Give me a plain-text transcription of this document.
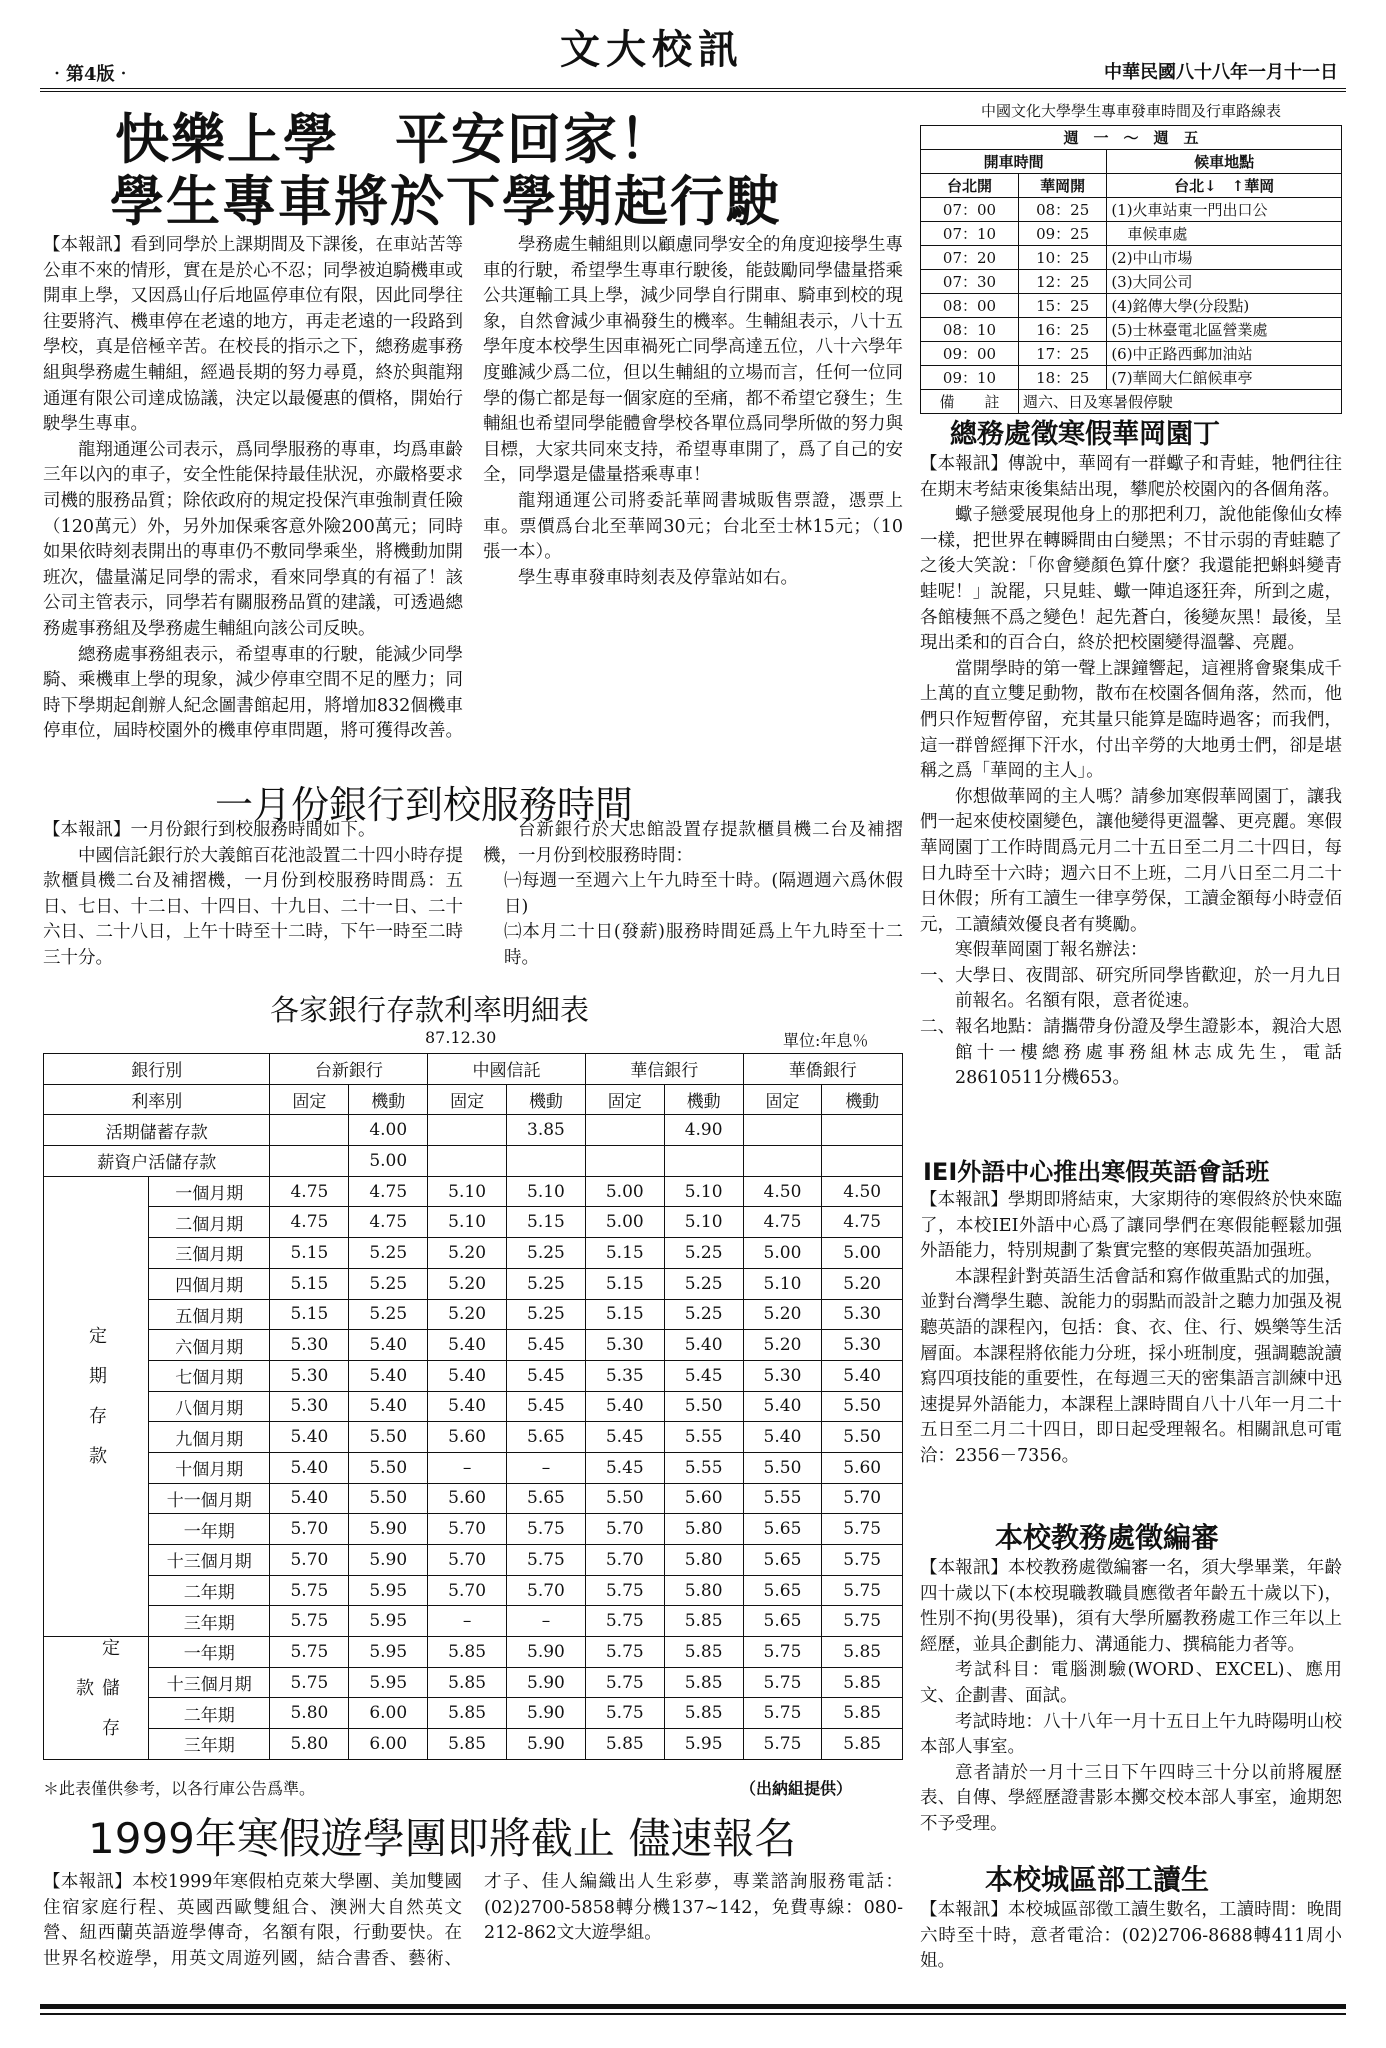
‧第4版‧
文大校訊	中華民國八十八年一月十一日
快樂上學　平安回家！
學生專車將於下學期起行駛

【本報訊】看到同學於上課期間及下課後，在車站苦等公車不來的情形，實在是於心不忍；同學被迫騎機車或開車上學，又因爲山仔后地區停車位有限，因此同學往往要將汽、機車停在老遠的地方，再走老遠的一段路到學校，真是倍極辛苦。在校長的指示之下，總務處事務組與學務處生輔組，經過長期的努力尋覓，終於與龍翔通運有限公司達成協議，決定以最優惠的價格，開始行駛學生專車。

龍翔通運公司表示，爲同學服務的專車，均爲車齡三年以內的車子，安全性能保持最佳狀況，亦嚴格要求司機的服務品質；除依政府的規定投保汽車強制責任險（120萬元）外，另外加保乘客意外險200萬元；同時如果依時刻表開出的專車仍不敷同學乘坐，將機動加開班次，儘量滿足同學的需求，看來同學真的有福了！該公司主管表示，同學若有關服務品質的建議，可透過總務處事務組及學務處生輔組向該公司反映。

總務處事務組表示，希望專車的行駛，能減少同學騎、乘機車上學的現象，減少停車空間不足的壓力；同時下學期起創辦人紀念圖書館起用，將增加832個機車停車位，屆時校園外的機車停車問題，將可獲得改善。

學務處生輔組則以顧慮同學安全的角度迎接學生專車的行駛，希望學生專車行駛後，能鼓勵同學儘量搭乘公共運輸工具上學，減少同學自行開車、騎車到校的現象，自然會減少車禍發生的機率。生輔組表示，八十五學年度本校學生因車禍死亡同學高達五位，八十六學年度雖減少爲二位，但以生輔組的立場而言，任何一位同學的傷亡都是每一個家庭的至痛，都不希望它發生；生輔組也希望同學能體會學校各單位爲同學所做的努力與目標，大家共同來支持，希望專車開了，爲了自己的安全，同學還是儘量搭乘專車！

龍翔通運公司將委託華岡書城販售票證，憑票上車。票價爲台北至華岡30元；台北至士林15元；（10張一本）。

學生專車發車時刻表及停靠站如右。

中國文化大學學生專車發車時間及行車路線表
週　一　～　週　五		
開車時間		候車地點
台北開	華岡開	台北↓　↑華岡
07：00	08：25	(1)火車站東一門出口公
07：10	09：25	車候車處
07：20	10：25	(2)中山市場
07：30	12：25	(3)大同公司
08：00	15：25	(4)銘傳大學(分段點)
08：10	16：25	(5)士林臺電北區營業處
09：00	17：25	(6)中正路西郵加油站
09：10	18：25	(7)華岡大仁館候車亭
備　　註	週六、日及寒暑假停駛	
總務處徵寒假華岡園丁

【本報訊】傳說中，華岡有一群蠍子和青蛙，牠們往往在期末考結束後集結出現，攀爬於校園內的各個角落。

蠍子戀愛展現他身上的那把利刀，說他能像仙女棒一樣，把世界在轉瞬間由白變黑；不甘示弱的青蛙聽了之後大笑說：「你會變顏色算什麼？我還能把蝌蚪變青蛙呢！」說罷，只見蛙、蠍一陣追逐狂奔，所到之處，各館棲無不爲之變色！起先蒼白，後變灰黑！最後，呈現出柔和的百合白，終於把校園變得溫馨、亮麗。

當開學時的第一聲上課鐘響起，這裡將會聚集成千上萬的直立雙足動物，散布在校園各個角落，然而，他們只作短暫停留，充其量只能算是臨時過客；而我們，這一群曾經揮下汗水，付出辛勞的大地勇士們，卻是堪稱之爲「華岡的主人」。

你想做華岡的主人嗎？請參加寒假華岡園丁，讓我們一起來使校園變色，讓他變得更溫馨、更亮麗。寒假華岡園丁工作時間爲元月二十五日至二月二十四日，每日九時至十六時；週六日不上班，二月八日至二月二十日休假；所有工讀生一律享勞保，工讀金額每小時壹佰元，工讀績效優良者有獎勵。

寒假華岡園丁報名辦法：

一、大學日、夜間部、研究所同學皆歡迎，於一月九日前報名。名額有限，意者從速。

二、報名地點：請攜帶身份證及學生證影本，親洽大恩館十一樓總務處事務組林志成先生，電話28610511分機653。

一月份銀行到校服務時間

【本報訊】一月份銀行到校服務時間如下。

中國信託銀行於大義館百花池設置二十四小時存提款櫃員機二台及補摺機，一月份到校服務時間爲：五日、七日、十二日、十四日、十九日、二十一日、二十六日、二十八日，上午十時至十二時，下午一時至二時三十分。

台新銀行於大忠館設置存提款櫃員機二台及補摺機，一月份到校服務時間：

㈠每週一至週六上午九時至十時。(隔週週六爲休假日)

㈡本月二十日(發薪)服務時間延爲上午九時至十二時。

各家銀行存款利率明細表
87.12.30	單位:年息％
銀行別		台新銀行		中國信託		華信銀行		華僑銀行	
利率別		固定	機動	固定	機動	固定	機動	固定	機動
活期儲蓄存款			4.00		3.85		4.90		
薪資户活儲存款			5.00						
定期存款	一個月期	4.75	4.75	5.10	5.10	5.00	5.10	4.50	4.50
	二個月期	4.75	4.75	5.10	5.15	5.00	5.10	4.75	4.75
	三個月期	5.15	5.25	5.20	5.25	5.15	5.25	5.00	5.00
	四個月期	5.15	5.25	5.20	5.25	5.15	5.25	5.10	5.20
	五個月期	5.15	5.25	5.20	5.25	5.15	5.25	5.20	5.30
	六個月期	5.30	5.40	5.40	5.45	5.30	5.40	5.20	5.30
	七個月期	5.30	5.40	5.40	5.45	5.35	5.45	5.30	5.40
	八個月期	5.30	5.40	5.40	5.45	5.40	5.50	5.40	5.50
	九個月期	5.40	5.50	5.60	5.65	5.45	5.55	5.40	5.50
	十個月期	5.40	5.50	–	–	5.45	5.55	5.50	5.60
	十一個月期	5.40	5.50	5.60	5.65	5.50	5.60	5.55	5.70
	一年期	5.70	5.90	5.70	5.75	5.70	5.80	5.65	5.75
	十三個月期	5.70	5.90	5.70	5.75	5.70	5.80	5.65	5.75
	二年期	5.75	5.95	5.70	5.70	5.75	5.80	5.65	5.75
	三年期	5.75	5.95	–	–	5.75	5.85	5.65	5.75
定儲存款	一年期	5.75	5.95	5.85	5.90	5.75	5.85	5.75	5.85
	十三個月期	5.75	5.95	5.85	5.90	5.75	5.85	5.75	5.85
	二年期	5.80	6.00	5.85	5.90	5.75	5.85	5.75	5.85
	三年期	5.80	6.00	5.85	5.90	5.85	5.95	5.75	5.85
＊此表僅供參考，以各行庫公告爲準。	（出納組提供）
1999年寒假遊學團即將截止 儘速報名

【本報訊】本校1999年寒假柏克萊大學團、美加雙國住宿家庭行程、英國西歐雙組合、澳洲大自然英文營、紐西蘭英語遊學傳奇，名額有限，行動要快。在世界名校遊學，用英文周遊列國，結合書香、藝術、才子、佳人編織出人生彩夢，專業諮詢服務電話：(02)2700-5858轉分機137~142，免費專線：080-212-862文大遊學組。

IEI外語中心推出寒假英語會話班

【本報訊】學期即將結束，大家期待的寒假終於快來臨了，本校IEI外語中心爲了讓同學們在寒假能輕鬆加强外語能力，特別規劃了紮實完整的寒假英語加强班。

本課程針對英語生活會話和寫作做重點式的加强，並對台灣學生聽、說能力的弱點而設計之聽力加强及視聽英語的課程內，包括：食、衣、住、行、娛樂等生活層面。本課程將依能力分班，採小班制度，强調聽說讀寫四項技能的重要性，在每週三天的密集語言訓練中迅速提昇外語能力，本課程上課時間自八十八年一月二十五日至二月二十四日，即日起受理報名。相關訊息可電洽：2356－7356。

本校教務處徵編審

【本報訊】本校教務處徵編審一名，須大學畢業，年齡四十歲以下(本校現職教職員應徵者年齡五十歲以下)，性別不拘(男役畢)，須有大學所屬教務處工作三年以上經歷，並具企劃能力、溝通能力、撰稿能力者等。

考試科目：電腦測驗(WORD、EXCEL)、應用文、企劃書、面試。

考試時地：八十八年一月十五日上午九時陽明山校本部人事室。

意者請於一月十三日下午四時三十分以前將履歷表、自傳、學經歷證書影本擲交校本部人事室，逾期恕不予受理。

本校城區部工讀生

【本報訊】本校城區部徵工讀生數名，工讀時間：晚間六時至十時，意者電洽：(02)2706-8688轉411周小姐。
